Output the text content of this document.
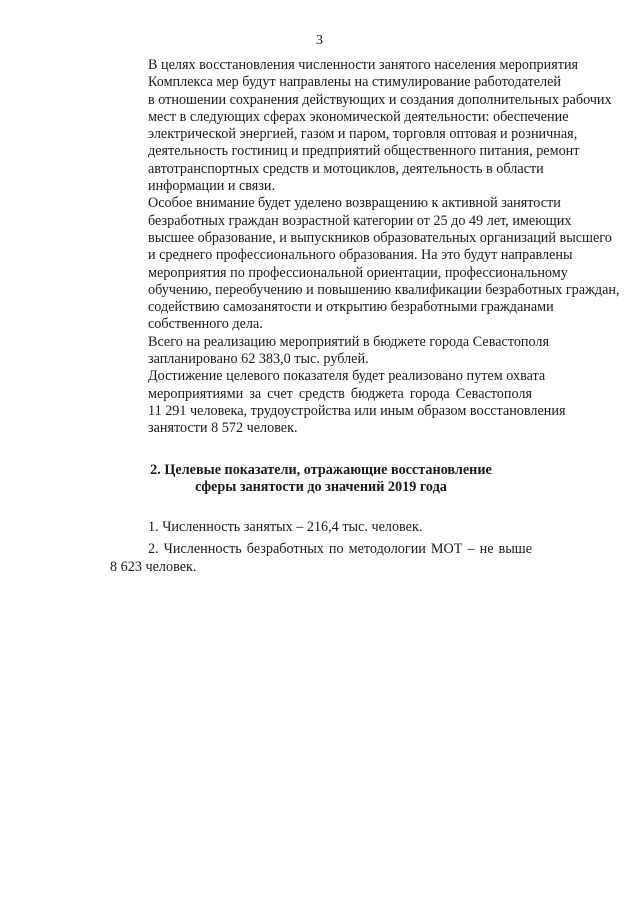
3

В целях восстановления численности занятого населения мероприятия
Комплекса мер будут направлены на стимулирование работодателей
в отношении сохранения действующих и создания дополнительных рабочих
мест в следующих сферах экономической деятельности: обеспечение
электрической энергией, газом и паром, торговля оптовая и розничная,
деятельность гостиниц и предприятий общественного питания, ремонт
автотранспортных средств и мотоциклов, деятельность в области
информации и связи.

Особое внимание будет уделено возвращению к активной занятости
безработных граждан возрастной категории от 25 до 49 лет, имеющих
высшее образование, и выпускников образовательных организаций высшего
и среднего профессионального образования. На это будут направлены
мероприятия по профессиональной ориентации, профессиональному
обучению, переобучению и повышению квалификации безработных граждан,
содействию самозанятости и открытию безработными гражданами
собственного дела.

Всего на реализацию мероприятий в бюджете города Севастополя
запланировано 62 383,0 тыс. рублей.

Достижение целевого показателя будет реализовано путем охвата
мероприятиями за счет средств бюджета города Севастополя
11 291 человека, трудоустройства или иным образом восстановления
занятости 8 572 человек.

2. Целевые показатели, отражающие восстановление
сферы занятости до значений 2019 года
1. Численность занятых – 216,4 тыс. человек.
2. Численность безработных по методологии МОТ – не выше
8 623 человек.
